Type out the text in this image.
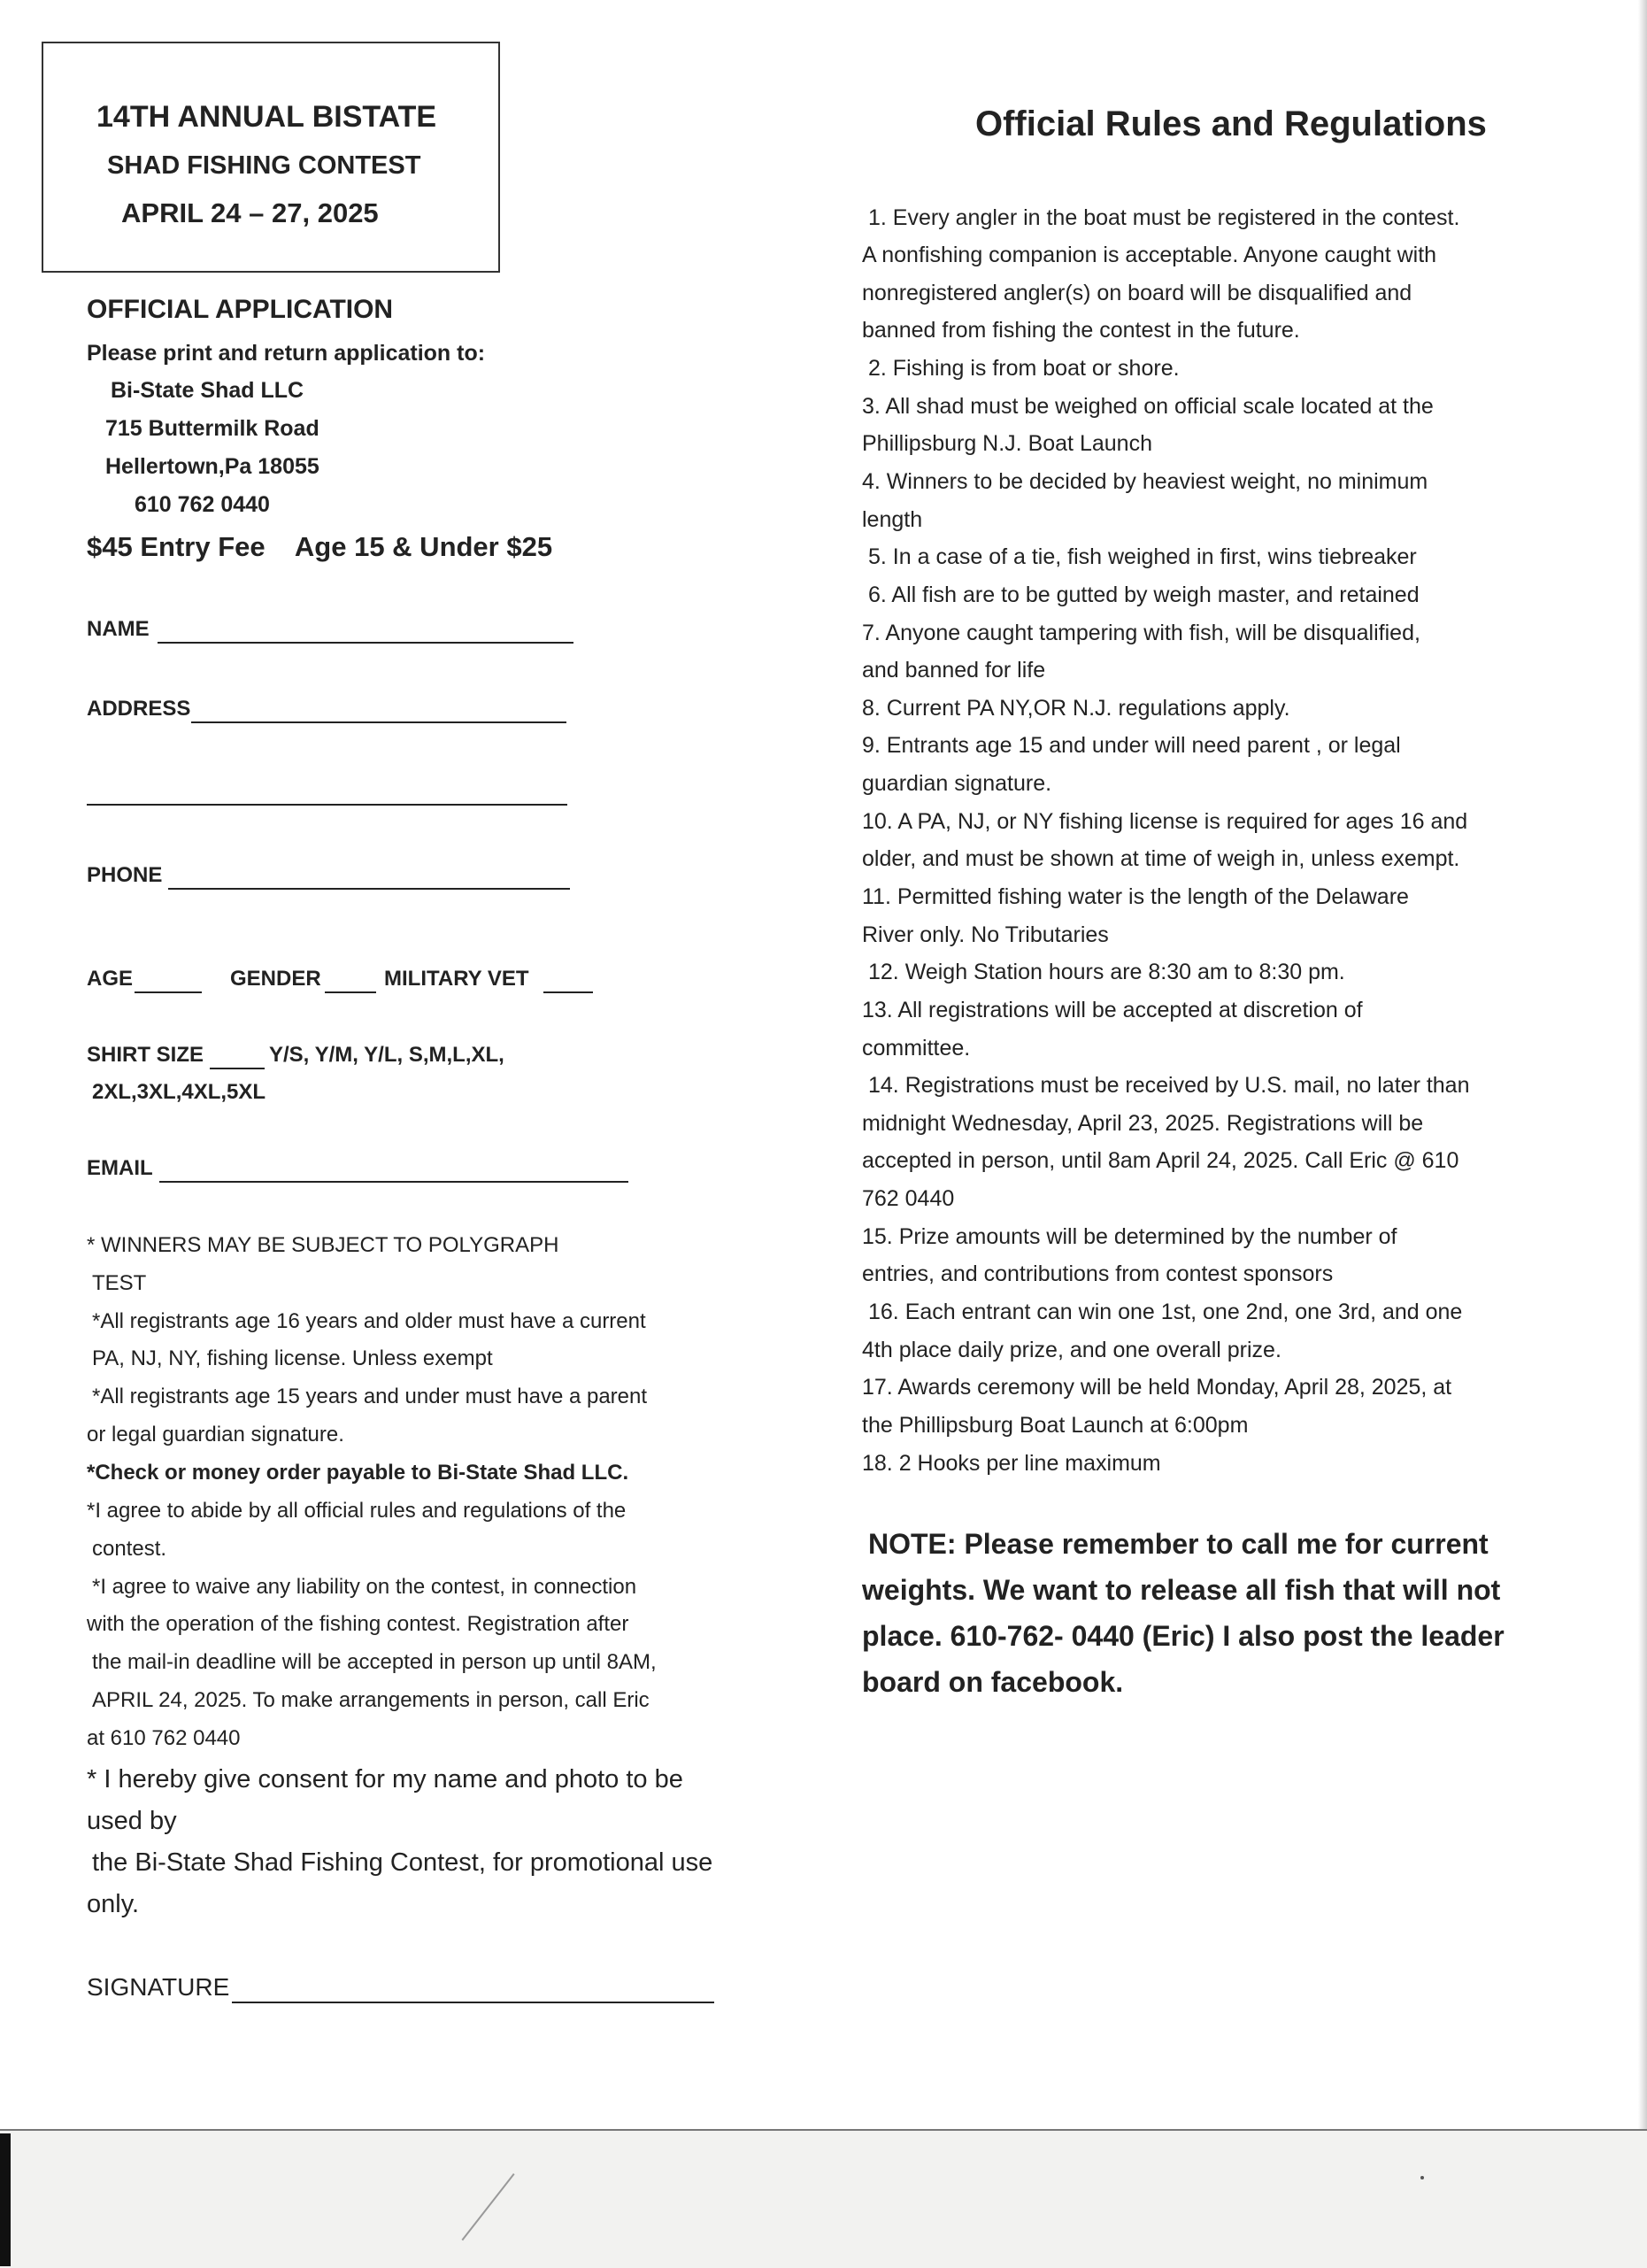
14TH ANNUAL BISTATE
SHAD FISHING CONTEST
APRIL 24 – 27, 2025
OFFICIAL APPLICATION
Please print and return application to:
Bi-State Shad LLC
715 Buttermilk Road
Hellertown,Pa 18055
610 762 0440
$45 Entry Fee    Age 15 & Under $25
NAME
ADDRESS
PHONE
AGE	GENDER	MILITARY VET
SHIRT SIZE	Y/S, Y/M, Y/L, S,M,L,XL,
2XL,3XL,4XL,5XL
EMAIL
* WINNERS MAY BE SUBJECT TO POLYGRAPH
TEST
*All registrants age 16 years and older must have a current
PA, NJ, NY, fishing license. Unless exempt
*All registrants age 15 years and under must have a parent
or legal guardian signature.
*Check or money order payable to Bi-State Shad LLC.
*I agree to abide by all official rules and regulations of the
contest.
*I agree to waive any liability on the contest, in connection
with the operation of the fishing contest. Registration after
the mail-in deadline will be accepted in person up until 8AM,
APRIL 24, 2025. To make arrangements in person, call Eric
at 610 762 0440
* I hereby give consent for my name and photo to be
used by
the Bi-State Shad Fishing Contest, for promotional use
only.
SIGNATURE
Official Rules and Regulations
1. Every angler in the boat must be registered in the contest.
A nonfishing companion is acceptable. Anyone caught with
nonregistered angler(s) on board will be disqualified and
banned from fishing the contest in the future.
2. Fishing is from boat or shore.
3. All shad must be weighed on official scale located at the
Phillipsburg N.J. Boat Launch
4. Winners to be decided by heaviest weight, no minimum
length
5. In a case of a tie, fish weighed in first, wins tiebreaker
6. All fish are to be gutted by weigh master, and retained
7. Anyone caught tampering with fish, will be disqualified,
and banned for life
8. Current PA NY,OR N.J. regulations apply.
9. Entrants age 15 and under will need parent , or legal
guardian signature.
10. A PA, NJ, or NY fishing license is required for ages 16 and
older, and must be shown at time of weigh in, unless exempt.
11. Permitted fishing water is the length of the Delaware
River only. No Tributaries
12. Weigh Station hours are 8:30 am to 8:30 pm.
13. All registrations will be accepted at discretion of
committee.
14. Registrations must be received by U.S. mail, no later than
midnight Wednesday, April 23, 2025. Registrations will be
accepted in person, until 8am April 24, 2025. Call Eric @ 610
762 0440
15. Prize amounts will be determined by the number of
entries, and contributions from contest sponsors
16. Each entrant can win one 1st, one 2nd, one 3rd, and one
4th place daily prize, and one overall prize.
17. Awards ceremony will be held Monday, April 28, 2025, at
the Phillipsburg Boat Launch at 6:00pm
18. 2 Hooks per line maximum
NOTE: Please remember to call me for current
weights. We want to release all fish that will not
place. 610-762- 0440 (Eric) I also post the leader
board on facebook.
